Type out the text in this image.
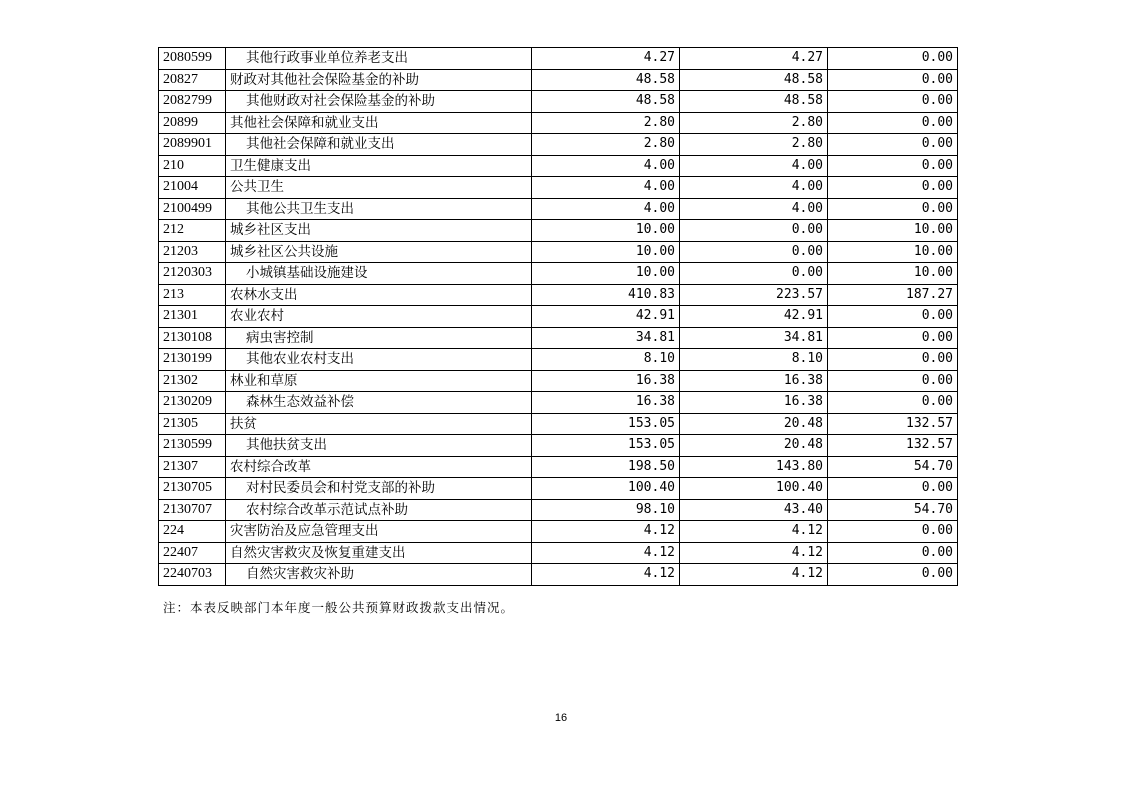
2080599	其他行政事业单位养老支出	4.27	4.27	0.00
20827	财政对其他社会保险基金的补助	48.58	48.58	0.00
2082799	其他财政对社会保险基金的补助	48.58	48.58	0.00
20899	其他社会保障和就业支出	2.80	2.80	0.00
2089901	其他社会保障和就业支出	2.80	2.80	0.00
210	卫生健康支出	4.00	4.00	0.00
21004	公共卫生	4.00	4.00	0.00
2100499	其他公共卫生支出	4.00	4.00	0.00
212	城乡社区支出	10.00	0.00	10.00
21203	城乡社区公共设施	10.00	0.00	10.00
2120303	小城镇基础设施建设	10.00	0.00	10.00
213	农林水支出	410.83	223.57	187.27
21301	农业农村	42.91	42.91	0.00
2130108	病虫害控制	34.81	34.81	0.00
2130199	其他农业农村支出	8.10	8.10	0.00
21302	林业和草原	16.38	16.38	0.00
2130209	森林生态效益补偿	16.38	16.38	0.00
21305	扶贫	153.05	20.48	132.57
2130599	其他扶贫支出	153.05	20.48	132.57
21307	农村综合改革	198.50	143.80	54.70
2130705	对村民委员会和村党支部的补助	100.40	100.40	0.00
2130707	农村综合改革示范试点补助	98.10	43.40	54.70
224	灾害防治及应急管理支出	4.12	4.12	0.00
22407	自然灾害救灾及恢复重建支出	4.12	4.12	0.00
2240703	自然灾害救灾补助	4.12	4.12	0.00
注：本表反映部门本年度一般公共预算财政拨款支出情况。
16
